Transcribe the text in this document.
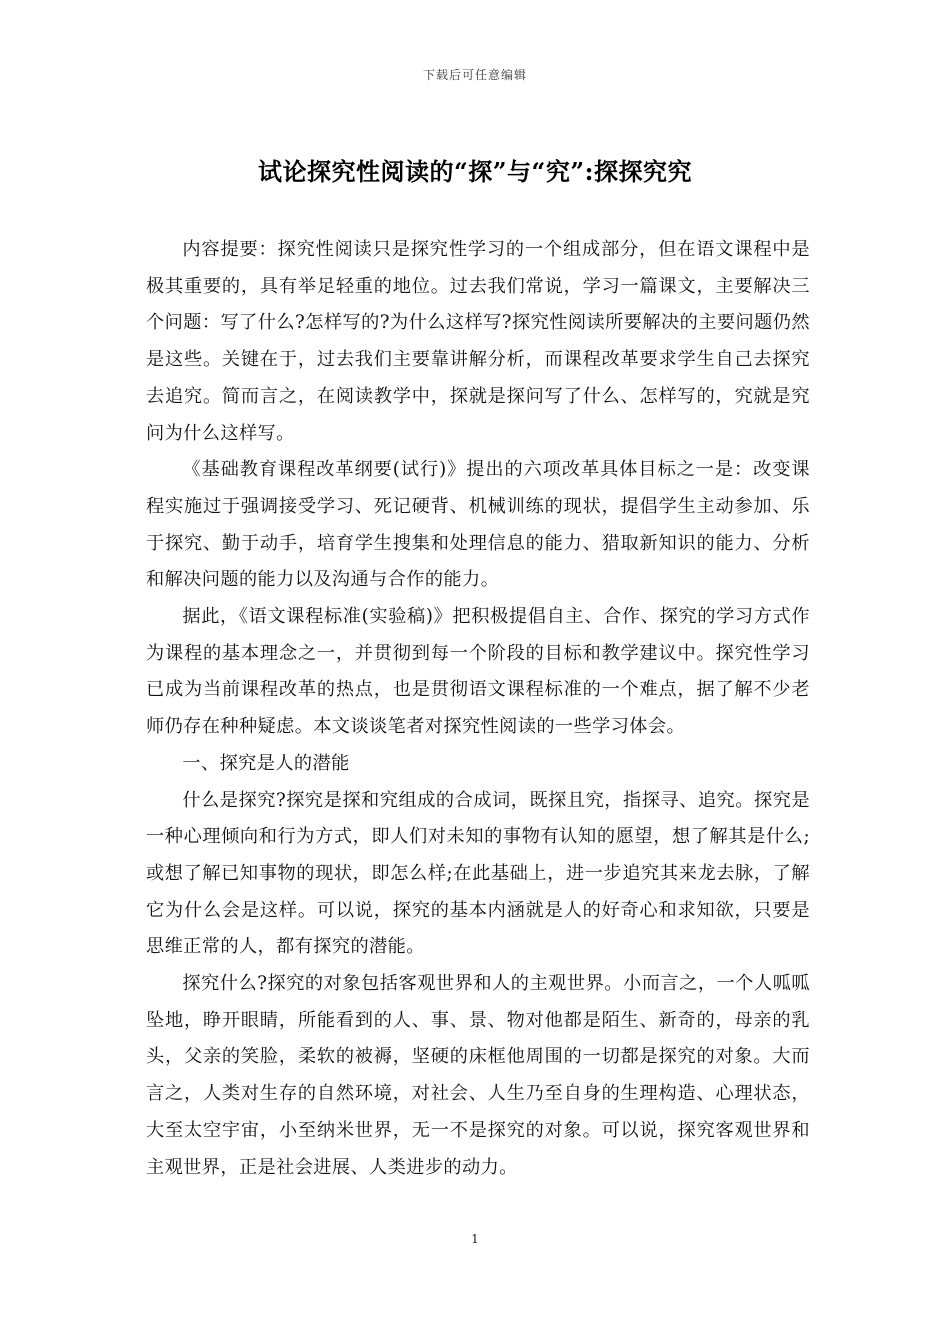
下载后可任意编辑
试论探究性阅读的“探”与“究”:探探究究

内容提要：探究性阅读只是探究性学习的一个组成部分，但在语文课程中是极其重要的，具有举足轻重的地位。过去我们常说，学习一篇课文，主要解决三个问题：写了什么?怎样写的?为什么这样写?探究性阅读所要解决的主要问题仍然是这些。关键在于，过去我们主要靠讲解分析，而课程改革要求学生自己去探究去追究。简而言之，在阅读教学中，探就是探问写了什么、怎样写的，究就是究问为什么这样写。

《基础教育课程改革纲要(试行)》提出的六项改革具体目标之一是：改变课程实施过于强调接受学习、死记硬背、机械训练的现状，提倡学生主动参加、乐于探究、勤于动手，培育学生搜集和处理信息的能力、猎取新知识的能力、分析和解决问题的能力以及沟通与合作的能力。

据此，《语文课程标准(实验稿)》把积极提倡自主、合作、探究的学习方式作为课程的基本理念之一，并贯彻到每一个阶段的目标和教学建议中。探究性学习已成为当前课程改革的热点，也是贯彻语文课程标准的一个难点，据了解不少老师仍存在种种疑虑。本文谈谈笔者对探究性阅读的一些学习体会。

一、探究是人的潜能

什么是探究?探究是探和究组成的合成词，既探且究，指探寻、追究。探究是一种心理倾向和行为方式，即人们对未知的事物有认知的愿望，想了解其是什么;或想了解已知事物的现状，即怎么样;在此基础上，进一步追究其来龙去脉，了解它为什么会是这样。可以说，探究的基本内涵就是人的好奇心和求知欲，只要是思维正常的人，都有探究的潜能。

探究什么?探究的对象包括客观世界和人的主观世界。小而言之，一个人呱呱坠地，睁开眼睛，所能看到的人、事、景、物对他都是陌生、新奇的，母亲的乳头，父亲的笑脸，柔软的被褥，坚硬的床框他周围的一切都是探究的对象。大而言之，人类对生存的自然环境，对社会、人生乃至自身的生理构造、心理状态，大至太空宇宙，小至纳米世界，无一不是探究的对象。可以说，探究客观世界和主观世界，正是社会进展、人类进步的动力。

1
